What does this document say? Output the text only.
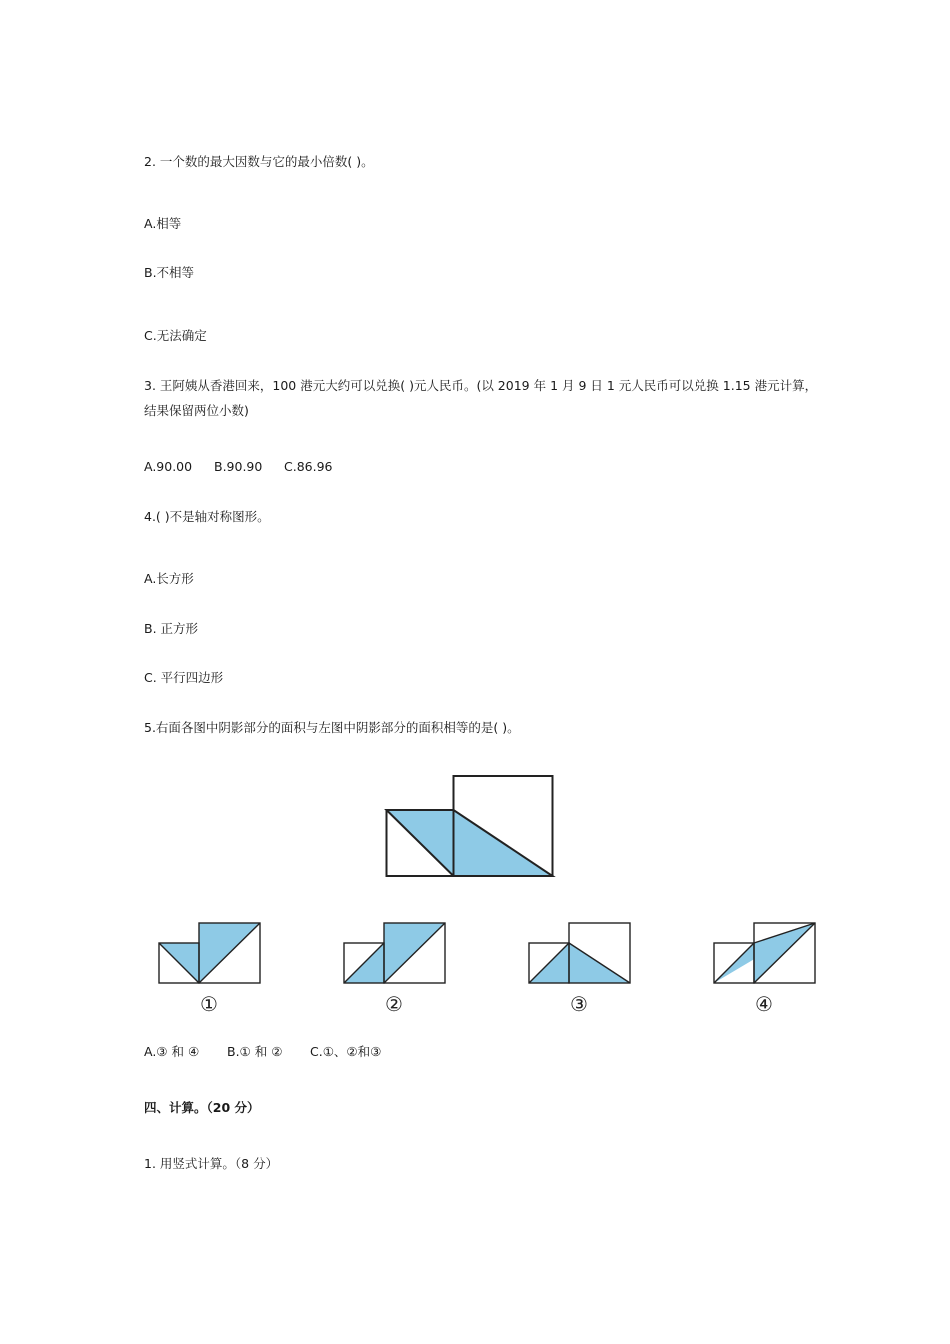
2. 一个数的最大因数与它的最小倍数( )。
A.相等
B.不相等
C.无法确定
3. 王阿姨从香港回来，100 港元大约可以兑换( )元人民币。(以 2019 年 1 月 9 日 1 元人民币可以兑换 1.15 港元计算，
结果保留两位小数)
A.90.00 B.90.90 C.86.96
4.( )不是轴对称图形。
A.长方形
B. 正方形
C. 平行四边形
5.右面各图中阴影部分的面积与左图中阴影部分的面积相等的是( )。
①	②	③	④
A.③ 和 ④ B.① 和 ② C.①、②和③
四、计算。（20 分）
1. 用竖式计算。（8 分）
